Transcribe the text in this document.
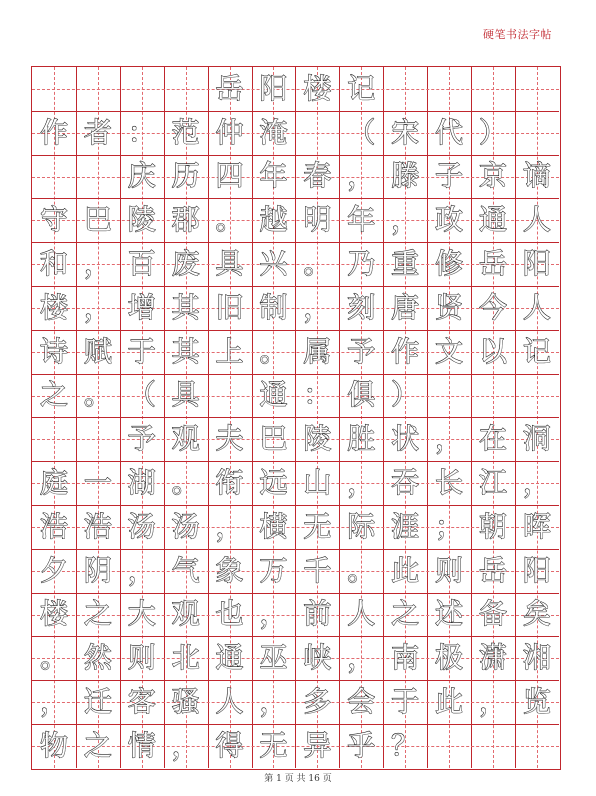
硬笔书法字帖
岳 阳 楼 记
作 者 ： 范 仲 淹 （ 宋 代 ）
庆 历 四 年 春 ， 滕 子 京 谪
守 巴 陵 郡 。 越 明 年 ， 政 通 人
和 ， 百 废 具 兴 。 乃 重 修 岳 阳
楼 ， 增 其 旧 制 ， 刻 唐 贤 今 人
诗 赋 于 其 上 。 属 予 作 文 以 记
之 。 （ 具 通 ： 俱 ）
予 观 夫 巴 陵 胜 状 ， 在 洞
庭 一 湖 。 衔 远 山 ， 吞 长 江 ，
浩 浩 汤 汤 ， 横 无 际 涯 ； 朝 晖
夕 阴 ， 气 象 万 千 。 此 则 岳 阳
楼 之 大 观 也 ， 前 人 之 述 备 矣
。 然 则 北 通 巫 峡 ， 南 极 潇 湘
， 迁 客 骚 人 ， 多 会 于 此 ， 览
物 之 情 ， 得 无 异 乎 ？
第 1 页 共 16 页
